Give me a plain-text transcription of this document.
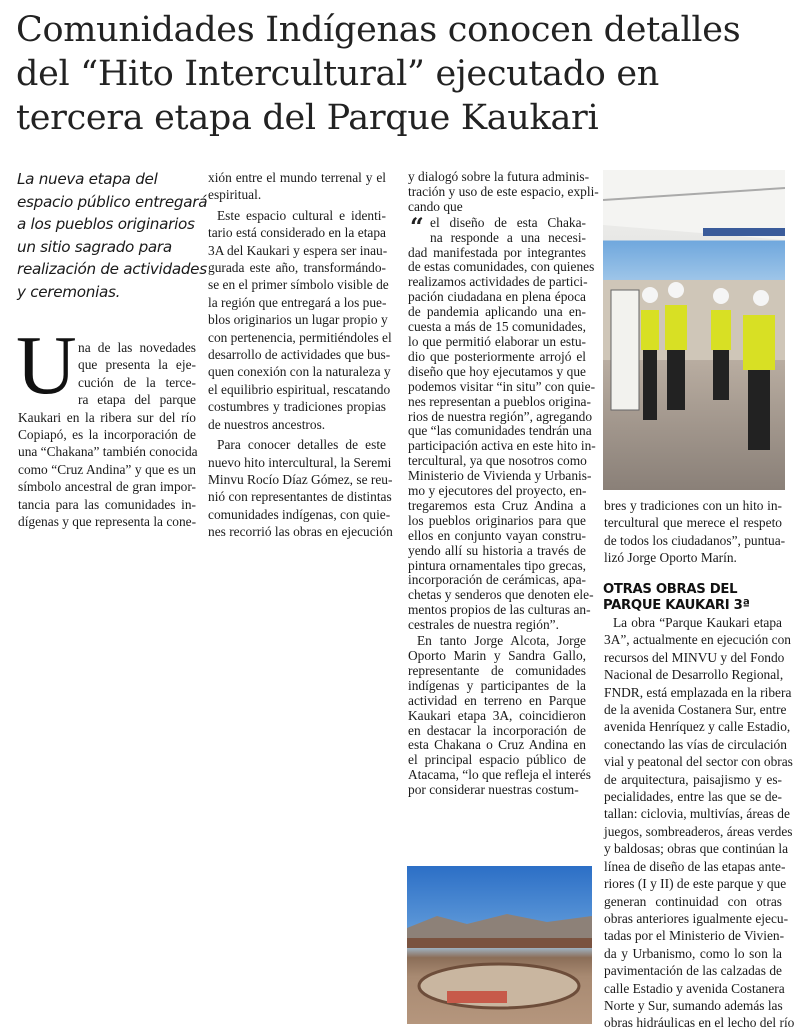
Comunidades Indígenas conocen detalles
del “Hito Intercultural” ejecutado en
tercera etapa del Parque Kaukari
La nueva etapa del
espacio público entregará
a los pueblos originarios
un sitio sagrado para
realización de actividades
y ceremonias.
U na de las novedades
que presenta la eje-
cución de la terce-
ra etapa del parque
Kaukari en la ribera sur del río
Copiapó, es la incorporación de
una “Chakana” también conocida
como “Cruz Andina” y que es un
símbolo ancestral de gran impor-
tancia para las comunidades in-
dígenas y que representa la cone-
xión entre el mundo terrenal y el
espiritual.
Este espacio cultural e identi-
tario está considerado en la etapa
3A del Kaukari y espera ser inau-
gurada este año, transformándo-
se en el primer símbolo visible de
la región que entregará a los pue-
blos originarios un lugar propio y
con pertenencia, permitiéndoles el
desarrollo de actividades que bus-
quen conexión con la naturaleza y
el equilibrio espiritual, rescatando
costumbres y tradiciones propias
de nuestros ancestros.
Para conocer detalles de este
nuevo hito intercultural, la Seremi
Minvu Rocío Díaz Gómez, se reu-
nió con representantes de distintas
comunidades indígenas, con quie-
nes recorrió las obras en ejecución
y dialogó sobre la futura adminis-
tración y uso de este espacio, expli-
cando que
el diseño de esta Chaka-
na responde a una necesi-
dad manifestada por integrantes
de estas comunidades, con quienes
realizamos actividades de partici-
pación ciudadana en plena época
de pandemia aplicando una en-
cuesta a más de 15 comunidades,
lo que permitió elaborar un estu-
dio que posteriormente arrojó el
diseño que hoy ejecutamos y que
podemos visitar “in situ” con quie-
nes representan a pueblos origina-
rios de nuestra región”, agregando
que “las comunidades tendrán una
participación activa en este hito in-
tercultural, ya que nosotros como
Ministerio de Vivienda y Urbanis-
mo y ejecutores del proyecto, en-
tregaremos esta Cruz Andina a
los pueblos originarios para que
ellos en conjunto vayan constru-
yendo allí su historia a través de
pintura ornamentales tipo grecas,
incorporación de cerámicas, apa-
chetas y senderos que denoten ele-
mentos propios de las culturas an-
cestrales de nuestra región”.
En tanto Jorge Alcota, Jorge
Oporto Marin y Sandra Gallo,
representante de comunidades
indígenas y participantes de la
actividad en terreno en Parque
Kaukari etapa 3A, coincidieron
en destacar la incorporación de
esta Chakana o Cruz Andina en
el principal espacio público de
Atacama, “lo que refleja el interés
por considerar nuestras costum-
“
bres y tradiciones con un hito in-
tercultural que merece el respeto
de todos los ciudadanos”, puntua-
lizó Jorge Oporto Marín.
OTRAS OBRAS DEL
PARQUE KAUKARI 3ª
La obra “Parque Kaukari etapa
3A”, actualmente en ejecución con
recursos del MINVU y del Fondo
Nacional de Desarrollo Regional,
FNDR, está emplazada en la ribera
de la avenida Costanera Sur, entre
avenida Henríquez y calle Estadio,
conectando las vías de circulación
vial y peatonal del sector con obras
de arquitectura, paisajismo y es-
pecialidades, entre las que se de-
tallan: ciclovia, multivías, áreas de
juegos, sombreaderos, áreas verdes
y baldosas; obras que continúan la
línea de diseño de las etapas ante-
riores (I y II) de este parque y que
generan continuidad con otras
obras anteriores igualmente ejecu-
tadas por el Ministerio de Vivien-
da y Urbanismo, como lo son la
pavimentación de las calzadas de
calle Estadio y avenida Costanera
Norte y Sur, sumando además las
obras hidráulicas en el lecho del río
